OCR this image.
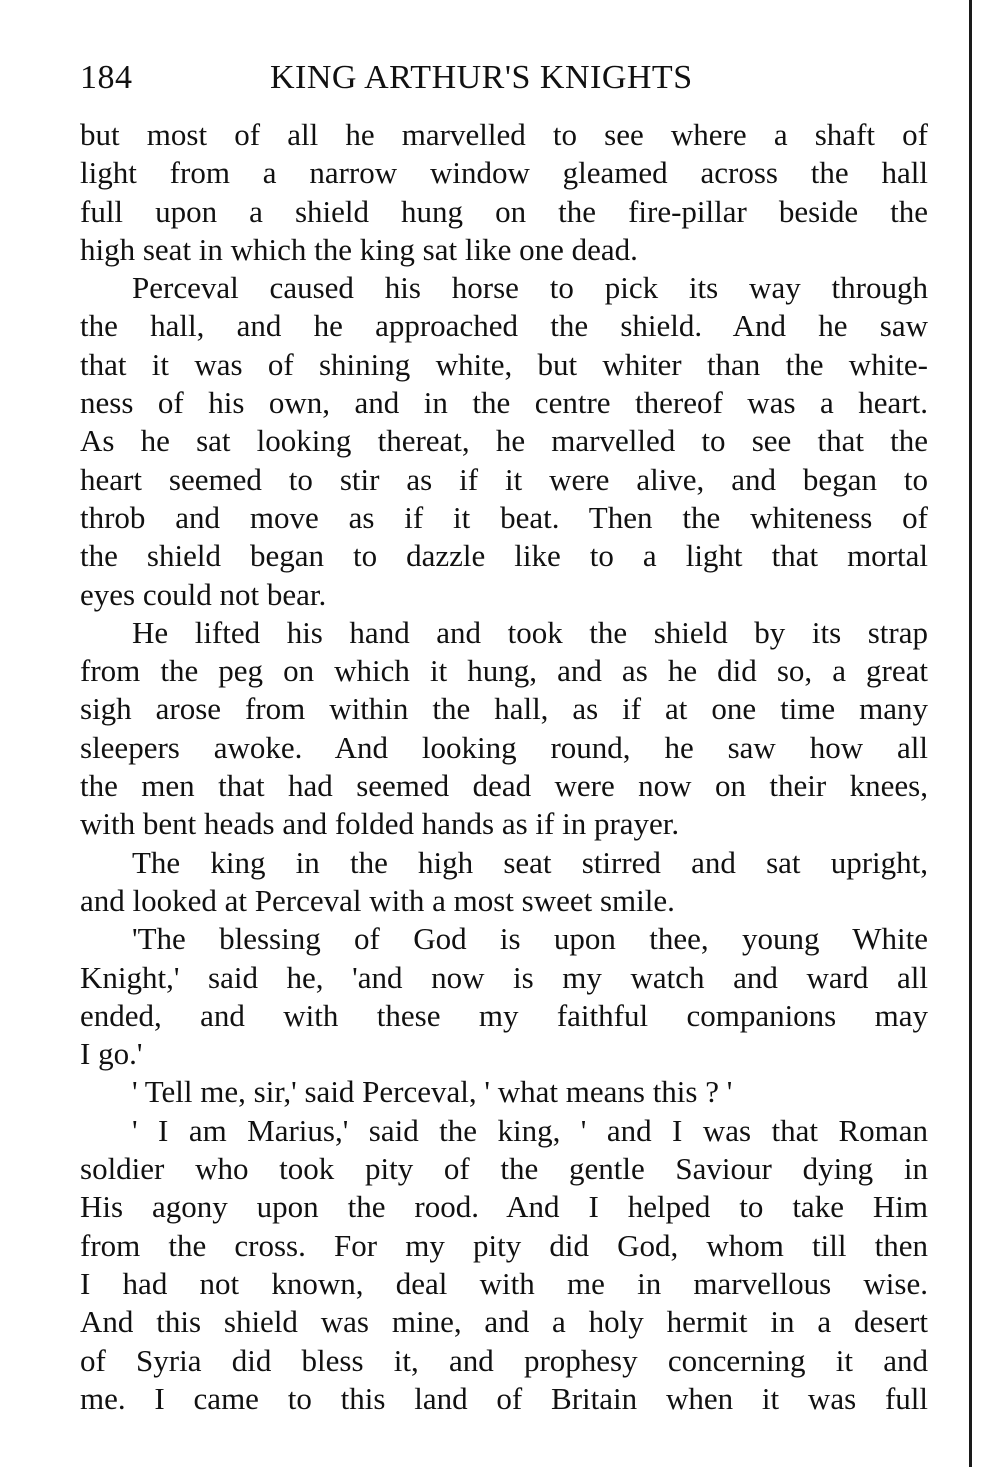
184	KING ARTHUR'S KNIGHTS
but most of all he marvelled to see where a shaft of
light from a narrow window gleamed across the hall
full upon a shield hung on the fire-pillar beside the
high seat in which the king sat like one dead.
Perceval caused his horse to pick its way through
the hall, and he approached the shield. And he saw
that it was of shining white, but whiter than the white-
ness of his own, and in the centre thereof was a heart.
As he sat looking thereat, he marvelled to see that the
heart seemed to stir as if it were alive, and began to
throb and move as if it beat. Then the whiteness of
the shield began to dazzle like to a light that mortal
eyes could not bear.
He lifted his hand and took the shield by its strap
from the peg on which it hung, and as he did so, a great
sigh arose from within the hall, as if at one time many
sleepers awoke. And looking round, he saw how all
the men that had seemed dead were now on their knees,
with bent heads and folded hands as if in prayer.
The king in the high seat stirred and sat upright,
and looked at Perceval with a most sweet smile.
'The blessing of God is upon thee, young White
Knight,' said he, 'and now is my watch and ward all
ended, and with these my faithful companions may
I go.'
' Tell me, sir,' said Perceval, ' what means this ? '
' I am Marius,' said the king, ' and I was that Roman
soldier who took pity of the gentle Saviour dying in
His agony upon the rood. And I helped to take Him
from the cross. For my pity did God, whom till then
I had not known, deal with me in marvellous wise.
And this shield was mine, and a holy hermit in a desert
of Syria did bless it, and prophesy concerning it and
me. I came to this land of Britain when it was full
